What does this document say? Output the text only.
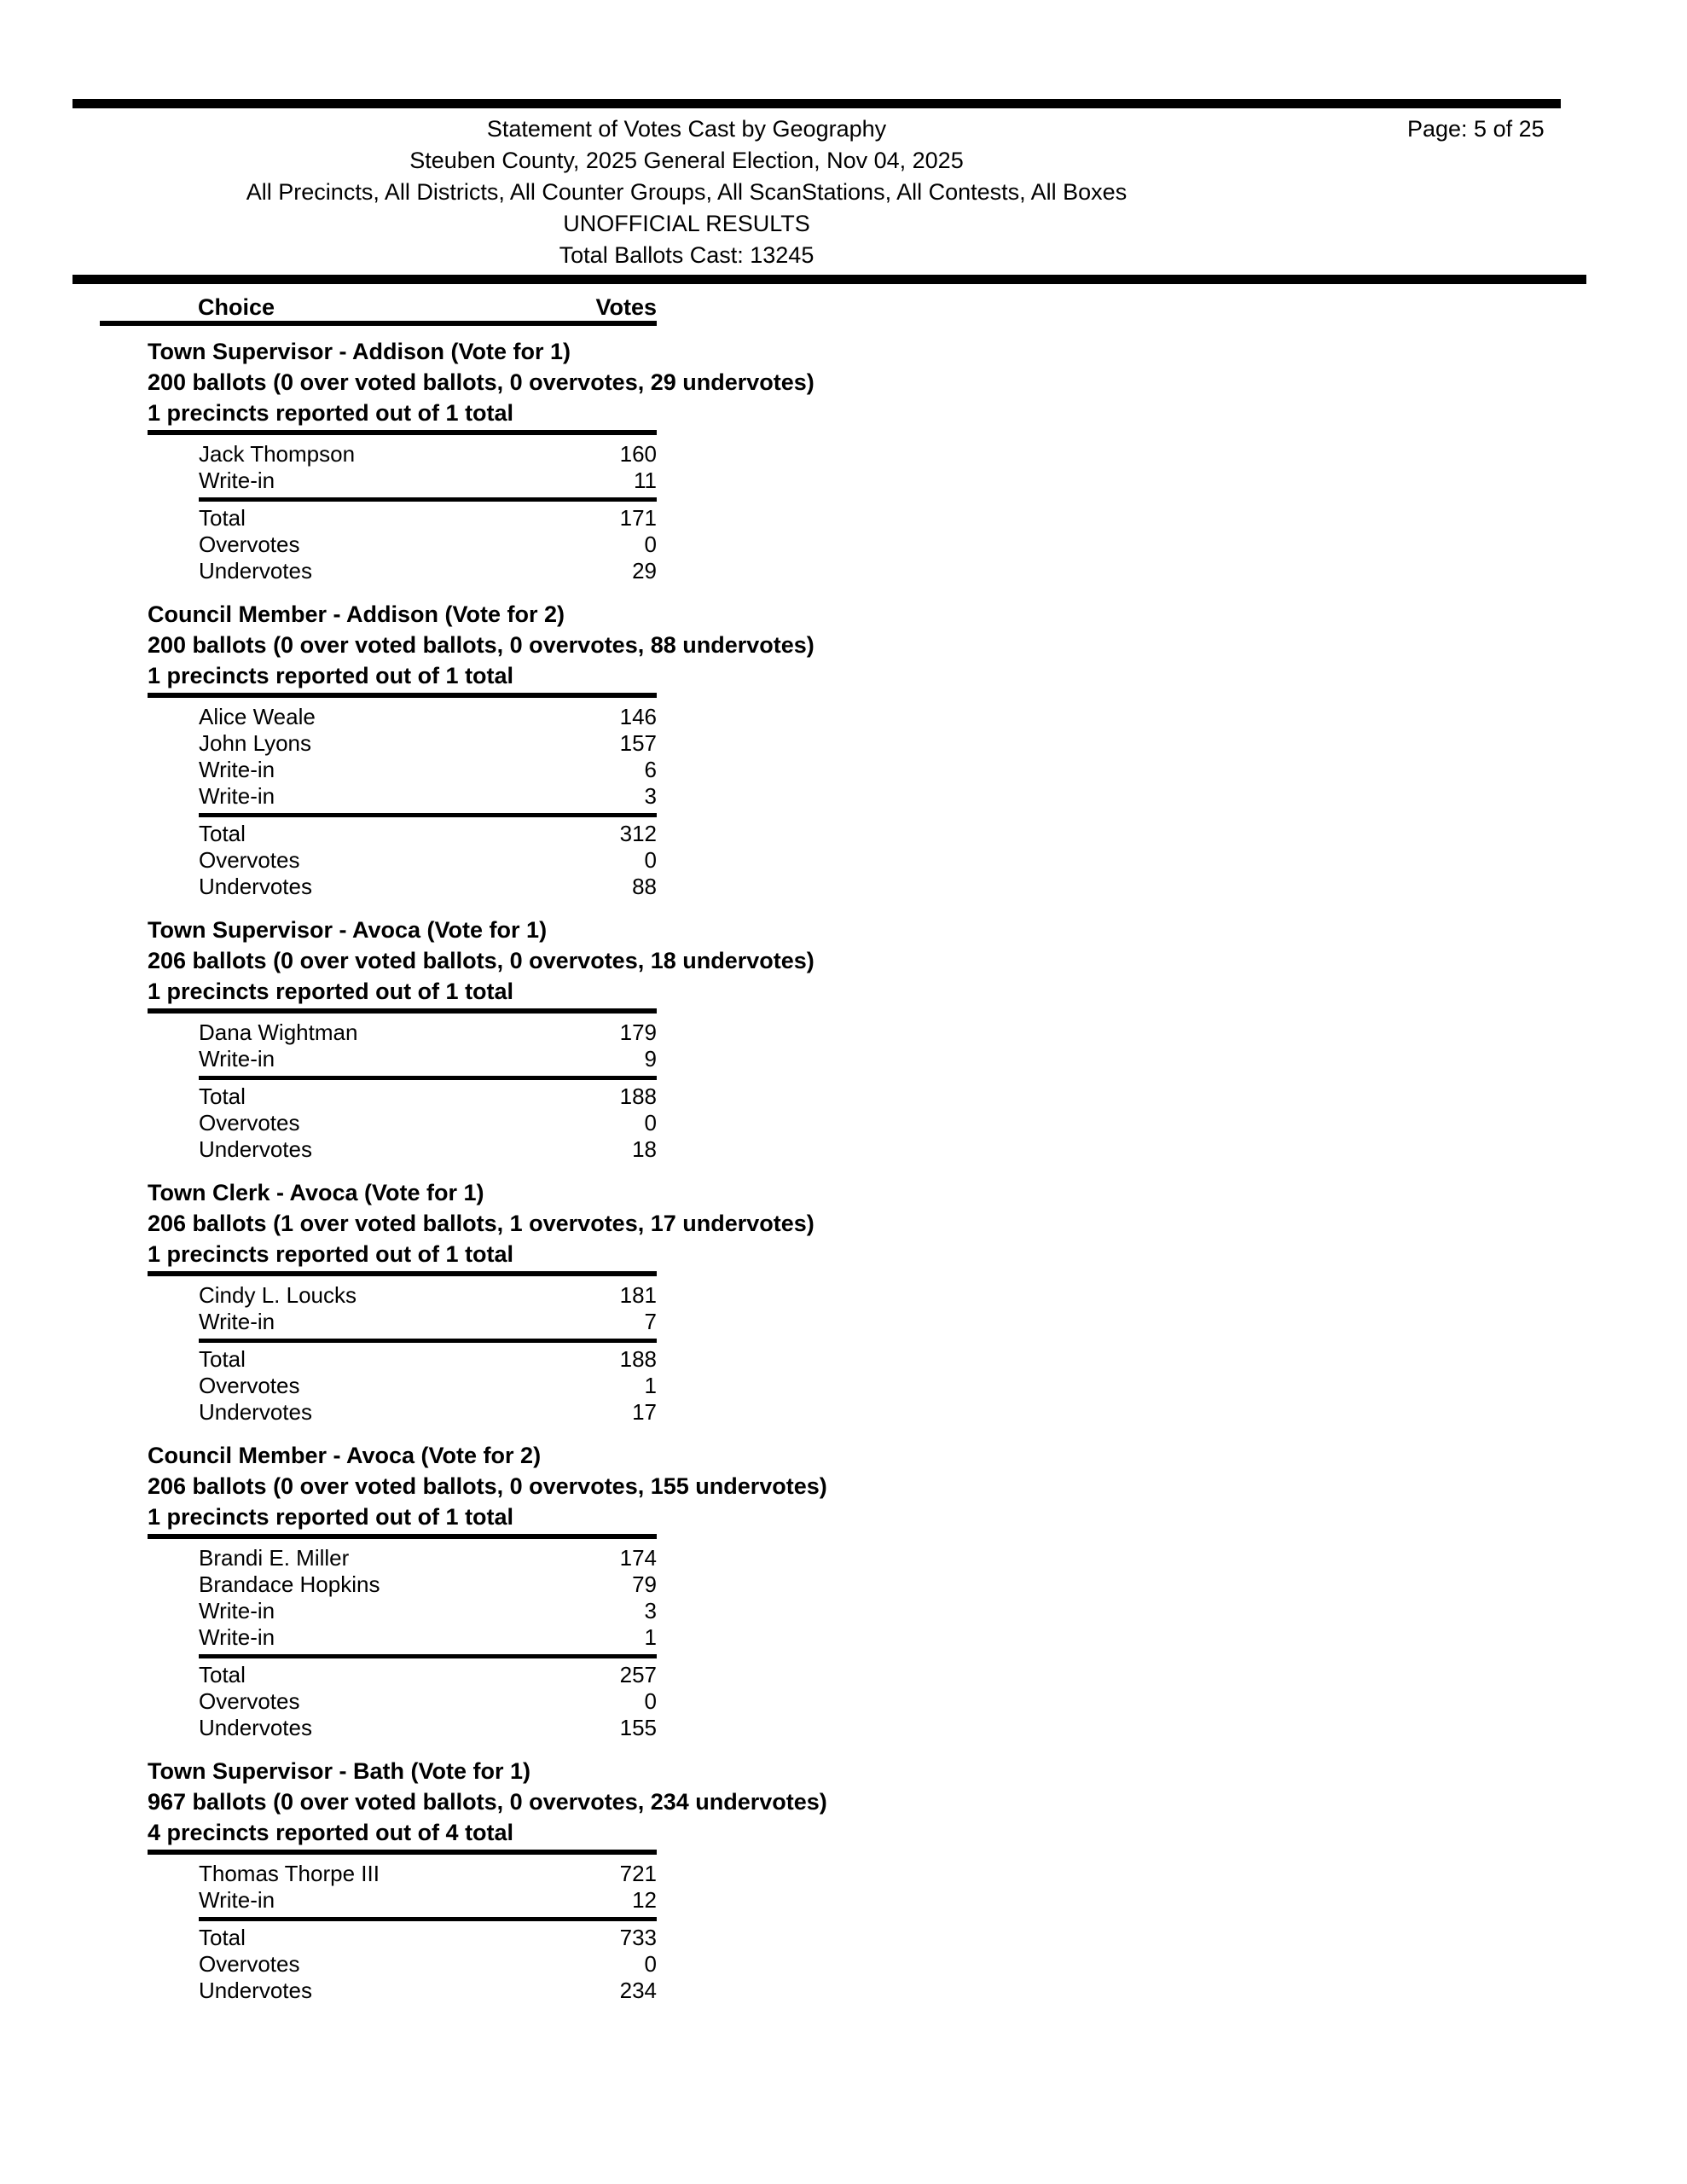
Statement of Votes Cast by Geography
Steuben County, 2025 General Election, Nov 04, 2025
All Precincts, All Districts, All Counter Groups, All ScanStations, All Contests, All Boxes
UNOFFICIAL RESULTS
Total Ballots Cast: 13245
Page: 5 of 25
Choice	Votes
Town Supervisor - Addison (Vote for 1)
200 ballots (0 over voted ballots, 0 overvotes, 29 undervotes)
1 precincts reported out of 1 total
Jack Thompson	160
Write-in	11
Total	171
Overvotes	0
Undervotes	29
Council Member - Addison (Vote for 2)
200 ballots (0 over voted ballots, 0 overvotes, 88 undervotes)
1 precincts reported out of 1 total
Alice Weale	146
John Lyons	157
Write-in	6
Write-in	3
Total	312
Overvotes	0
Undervotes	88
Town Supervisor - Avoca (Vote for 1)
206 ballots (0 over voted ballots, 0 overvotes, 18 undervotes)
1 precincts reported out of 1 total
Dana Wightman	179
Write-in	9
Total	188
Overvotes	0
Undervotes	18
Town Clerk - Avoca (Vote for 1)
206 ballots (1 over voted ballots, 1 overvotes, 17 undervotes)
1 precincts reported out of 1 total
Cindy L. Loucks	181
Write-in	7
Total	188
Overvotes	1
Undervotes	17
Council Member - Avoca (Vote for 2)
206 ballots (0 over voted ballots, 0 overvotes, 155 undervotes)
1 precincts reported out of 1 total
Brandi E. Miller	174
Brandace Hopkins	79
Write-in	3
Write-in	1
Total	257
Overvotes	0
Undervotes	155
Town Supervisor - Bath (Vote for 1)
967 ballots (0 over voted ballots, 0 overvotes, 234 undervotes)
4 precincts reported out of 4 total
Thomas Thorpe III	721
Write-in	12
Total	733
Overvotes	0
Undervotes	234
